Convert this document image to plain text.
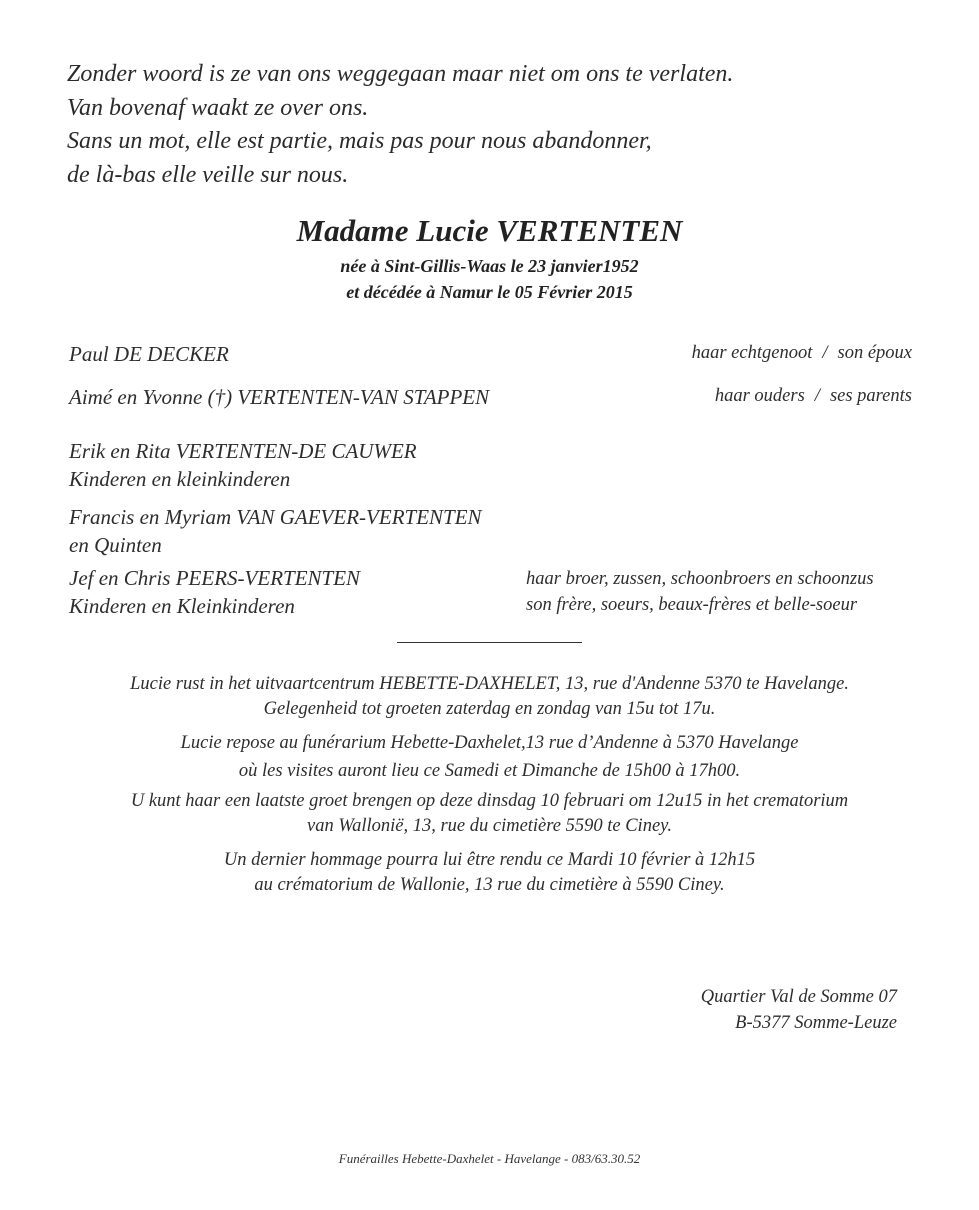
Zonder woord is ze van ons weggegaan maar niet om ons te verlaten.
Van bovenaf waakt ze over ons.
Sans un mot, elle est partie, mais pas pour nous abandonner,
de là-bas elle veille sur nous.
Madame Lucie VERTENTEN
née à Sint-Gillis-Waas le 23 janvier1952
et décédée à Namur le 05 Février 2015
Paul DE DECKER	haar echtgenoot / son époux
Aimé en Yvonne (†) VERTENTEN-VAN STAPPEN	haar ouders / ses parents
Erik en Rita VERTENTEN-DE CAUWER
Kinderen en kleinkinderen
Francis en Myriam VAN GAEVER-VERTENTEN
en Quinten
Jef en Chris PEERS-VERTENTEN
Kinderen en Kleinkinderen
haar broer, zussen, schoonbroers en schoonzus
son frère, soeurs, beaux-frères et belle-soeur
Lucie rust in het uitvaartcentrum HEBETTE-DAXHELET, 13, rue d'Andenne 5370 te Havelange.
Gelegenheid tot groeten zaterdag en zondag van 15u tot 17u.
Lucie repose au funérarium Hebette-Daxhelet,13 rue d’Andenne à 5370 Havelange
où les visites auront lieu ce Samedi et Dimanche de 15h00 à 17h00.
U kunt haar een laatste groet brengen op deze dinsdag 10 februari om 12u15 in het crematorium
van Walloniё, 13, rue du cimetière 5590 te Ciney.
Un dernier hommage pourra lui être rendu ce Mardi 10 février à 12h15
au crématorium de Wallonie, 13 rue du cimetière à 5590 Ciney.
Quartier Val de Somme 07
B-5377 Somme-Leuze
Funérailles Hebette-Daxhelet - Havelange - 083/63.30.52
